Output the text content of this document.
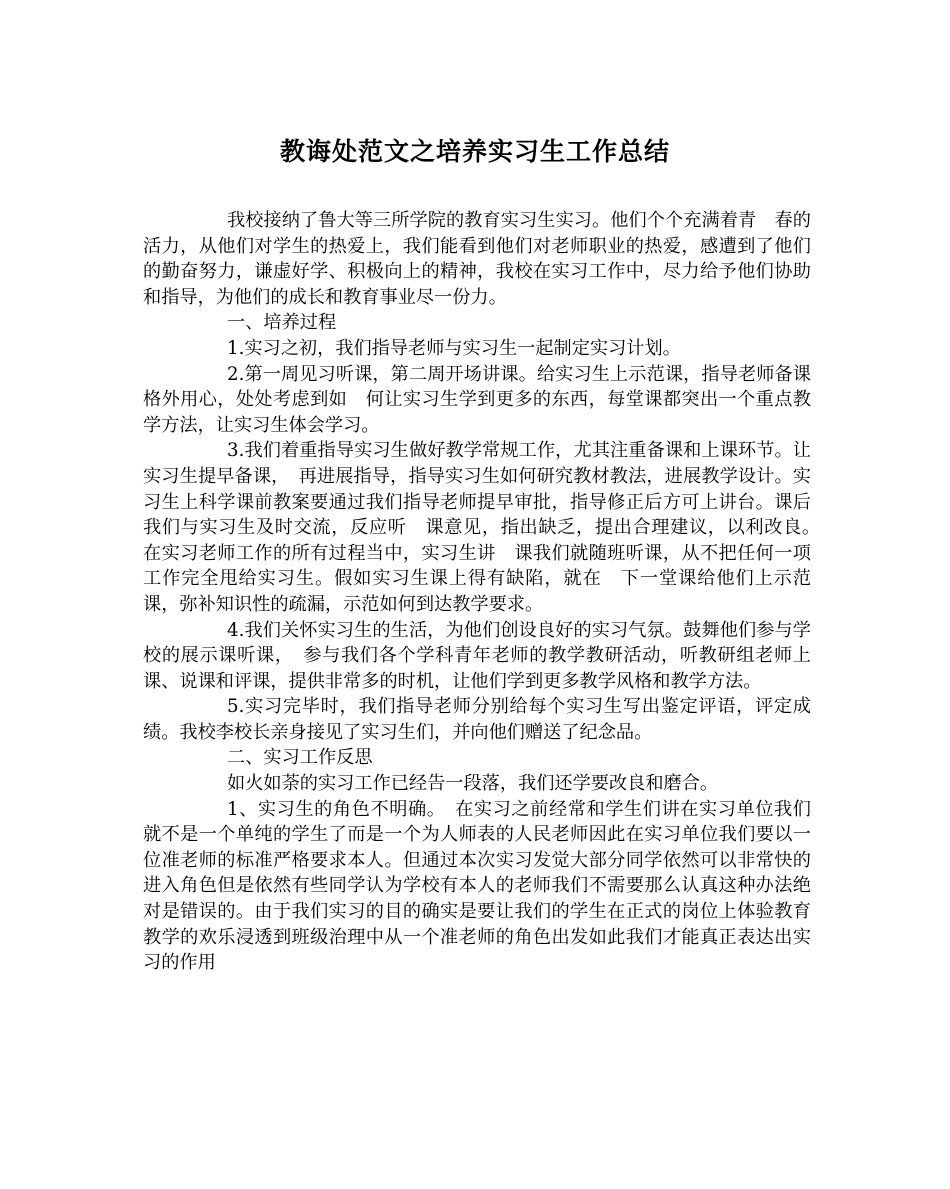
教诲处范文之培养实习生工作总结

我校接纳了鲁大等三所学院的教育实习生实习。他们个个充满着青　春的活力，从他们对学生的热爱上，我们能看到他们对老师职业的热爱，感遭到了他们的勤奋努力，谦虚好学、积极向上的精神，我校在实习工作中，尽力给予他们协助和指导，为他们的成长和教育事业尽一份力。

一、培养过程

1.实习之初，我们指导老师与实习生一起制定实习计划。

2.第一周见习听课，第二周开场讲课。给实习生上示范课，指导老师备课格外用心，处处考虑到如　何让实习生学到更多的东西，每堂课都突出一个重点教学方法，让实习生体会学习。

3.我们着重指导实习生做好教学常规工作，尤其注重备课和上课环节。让实习生提早备课，　再进展指导，指导实习生如何研究教材教法，进展教学设计。实习生上科学课前教案要通过我们指导老师提早审批，指导修正后方可上讲台。课后我们与实习生及时交流，反应听　课意见，指出缺乏，提出合理建议，以利改良。　在实习老师工作的所有过程当中，实习生讲　课我们就随班听课，从不把任何一项工作完全甩给实习生。假如实习生课上得有缺陷，就在　下一堂课给他们上示范课，弥补知识性的疏漏，示范如何到达教学要求。

4.我们关怀实习生的生活，为他们创设良好的实习气氛。鼓舞他们参与学校的展示课听课，　参与我们各个学科青年老师的教学教研活动，听教研组老师上课、说课和评课，提供非常多的时机，让他们学到更多教学风格和教学方法。

5.实习完毕时，我们指导老师分别给每个实习生写出鉴定评语，评定成绩。我校李校长亲身接见了实习生们，并向他们赠送了纪念品。

二、实习工作反思

如火如荼的实习工作已经告一段落，我们还学要改良和磨合。

1、实习生的角色不明确。　在实习之前经常和学生们讲在实习单位我们就不是一个单纯的学生了而是一个为人师表的人民老师因此在实习单位我们要以一位准老师的标准严格要求本人。但通过本次实习发觉大部分同学依然可以非常快的进入角色但是依然有些同学认为学校有本人的老师我们不需要那么认真这种办法绝对是错误的。由于我们实习的目的确实是要让我们的学生在正式的岗位上体验教育教学的欢乐浸透到班级治理中从一个准老师的角色出发如此我们才能真正表达出实习的作用
